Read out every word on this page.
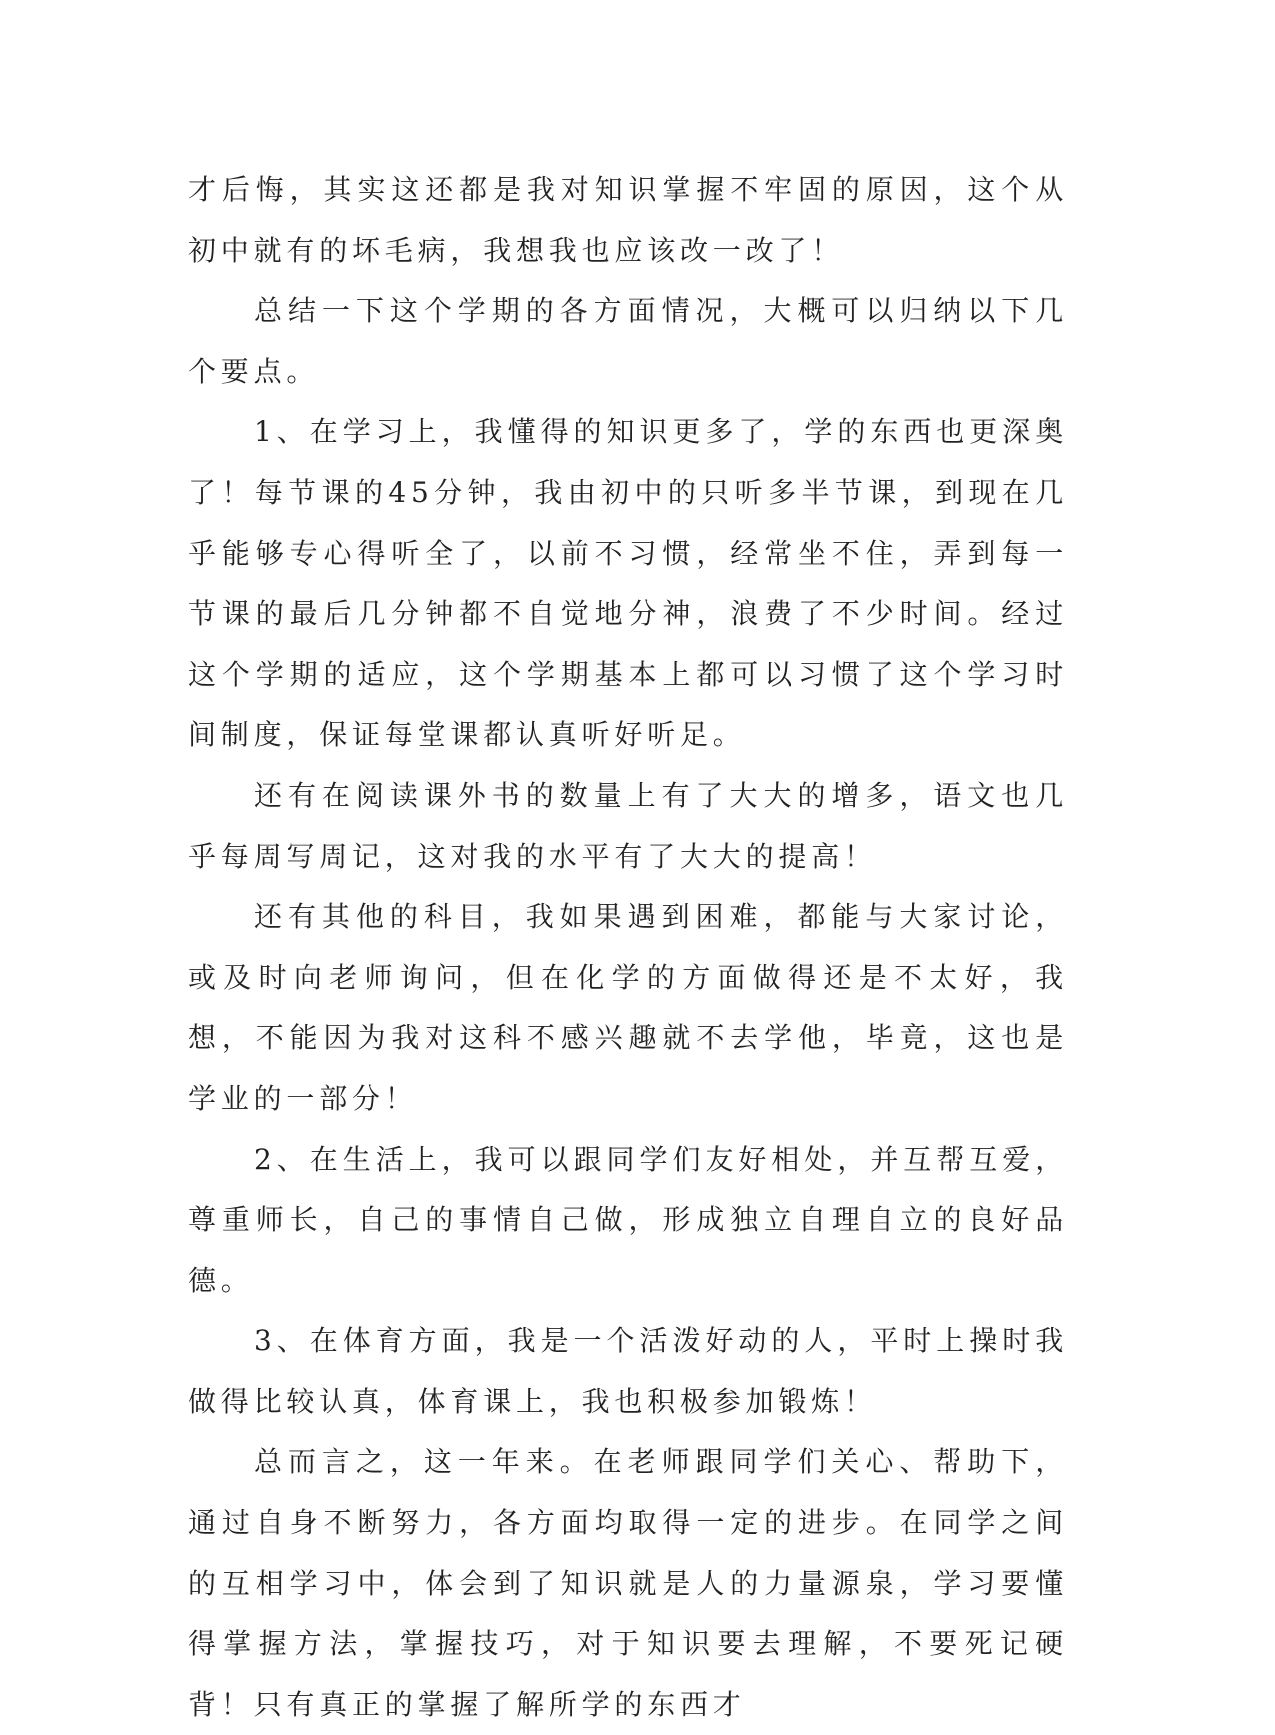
才后悔，其实这还都是我对知识掌握不牢固的原因，这个从初中就有的坏毛病，我想我也应该改一改了！

总结一下这个学期的各方面情况，大概可以归纳以下几个要点。

1、在学习上，我懂得的知识更多了，学的东西也更深奥了！每节课的45分钟，我由初中的只听多半节课，到现在几乎能够专心得听全了，以前不习惯，经常坐不住，弄到每一节课的最后几分钟都不自觉地分神，浪费了不少时间。经过这个学期的适应，这个学期基本上都可以习惯了这个学习时间制度，保证每堂课都认真听好听足。

还有在阅读课外书的数量上有了大大的增多，语文也几乎每周写周记，这对我的水平有了大大的提高！

还有其他的科目，我如果遇到困难，都能与大家讨论，或及时向老师询问，但在化学的方面做得还是不太好，我想，不能因为我对这科不感兴趣就不去学他，毕竟，这也是学业的一部分！

2、在生活上，我可以跟同学们友好相处，并互帮互爱，尊重师长，自己的事情自己做，形成独立自理自立的良好品德。

3、在体育方面，我是一个活泼好动的人，平时上操时我做得比较认真，体育课上，我也积极参加锻炼！

总而言之，这一年来。在老师跟同学们关心、帮助下，通过自身不断努力，各方面均取得一定的进步。在同学之间的互相学习中，体会到了知识就是人的力量源泉，学习要懂得掌握方法，掌握技巧，对于知识要去理解，不要死记硬背！只有真正的掌握了解所学的东西才
